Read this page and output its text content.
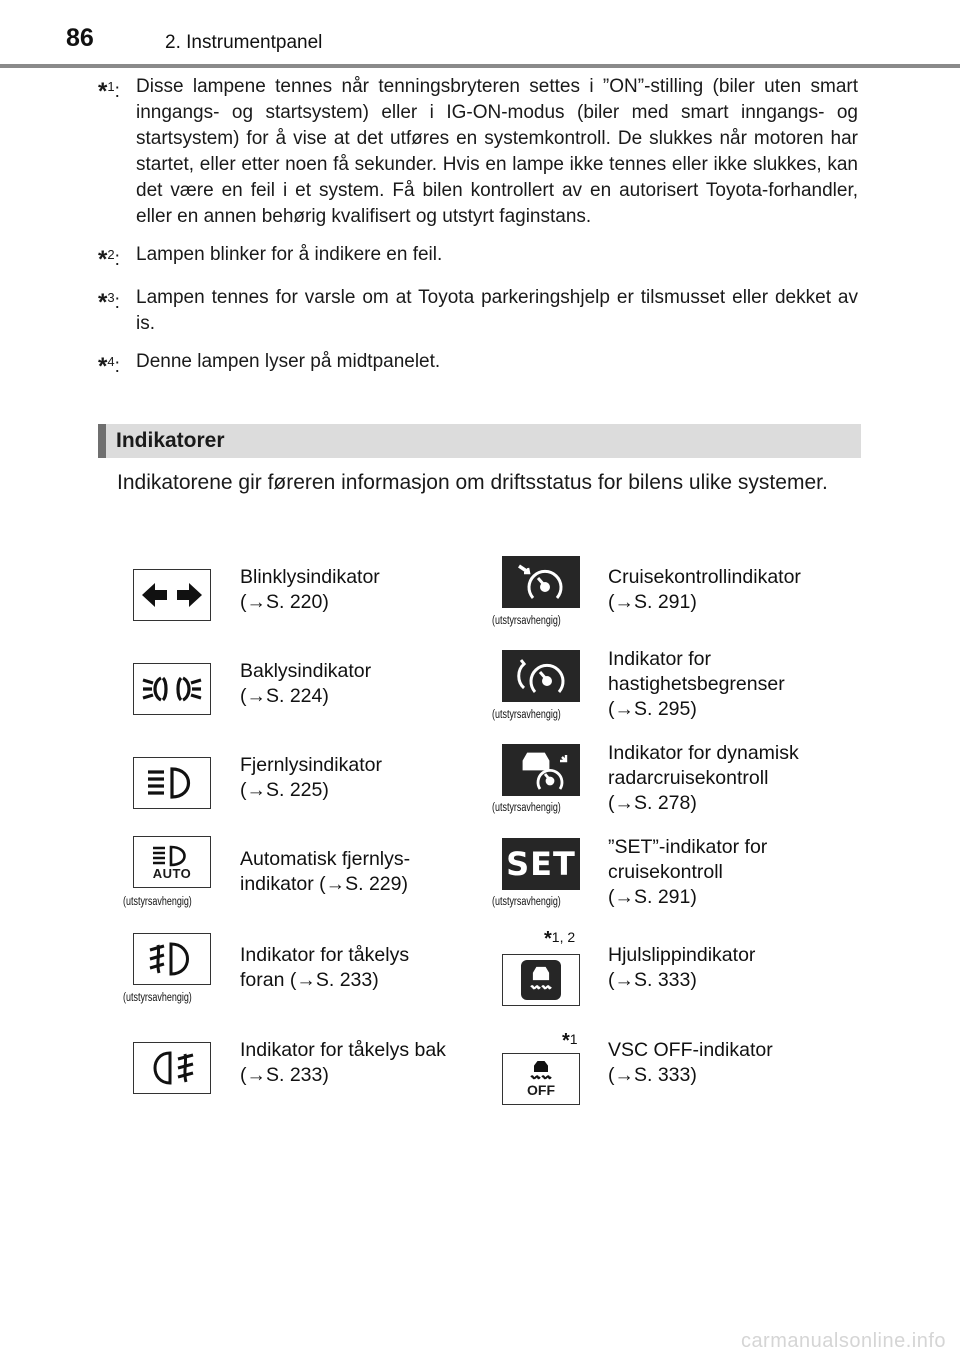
86	2. Instrumentpanel
*$^1$: Disse lampene tennes når tenningsbryteren settes i ”ON”-stilling (biler uten smart inngangs- og startsystem) eller i IG-ON-modus (biler med smart inngangs- og startsystem) for å vise at det utføres en systemkontroll. De slukkes når motoren har startet, eller etter noen få sekunder. Hvis en lampe ikke tennes eller ikke slukkes, kan det være en feil i et system. Få bilen kontrollert av en autorisert Toyota-forhandler, eller en annen behørig kvalifisert og utstyrt faginstans.
*$^2$: Lampen blinker for å indikere en feil.
*$^3$: Lampen tennes for varsle om at Toyota parkeringshjelp er tilsmusset eller dekket av is.
*$^4$: Denne lampen lyser på midtpanelet.
Indikatorer
Indikatorene gir føreren informasjon om driftsstatus for bilens ulike systemer.
Blinklysindikator
(→S. 220)
Baklysindikator
(→S. 224)
Fjernlysindikator
(→S. 225)
AUTO
(utstyrsavhengig)
Automatisk fjernlys-
indikator (→S. 229)
(utstyrsavhengig)
Indikator for tåkelys
foran (→S. 233)
Indikator for tåkelys bak
(→S. 233)
(utstyrsavhengig)
Cruisekontrollindikator
(→S. 291)
(utstyrsavhengig)
Indikator for
hastighetsbegrenser
(→S. 295)
(utstyrsavhengig)
Indikator for dynamisk
radarcruisekontroll
(→S. 278)
SET
(utstyrsavhengig)
”SET”-indikator for
cruisekontroll
(→S. 291)
*1, 2
Hjulslippindikator
(→S. 333)
*1
OFF
VSC OFF-indikator
(→S. 333)
carmanualsonline.info
